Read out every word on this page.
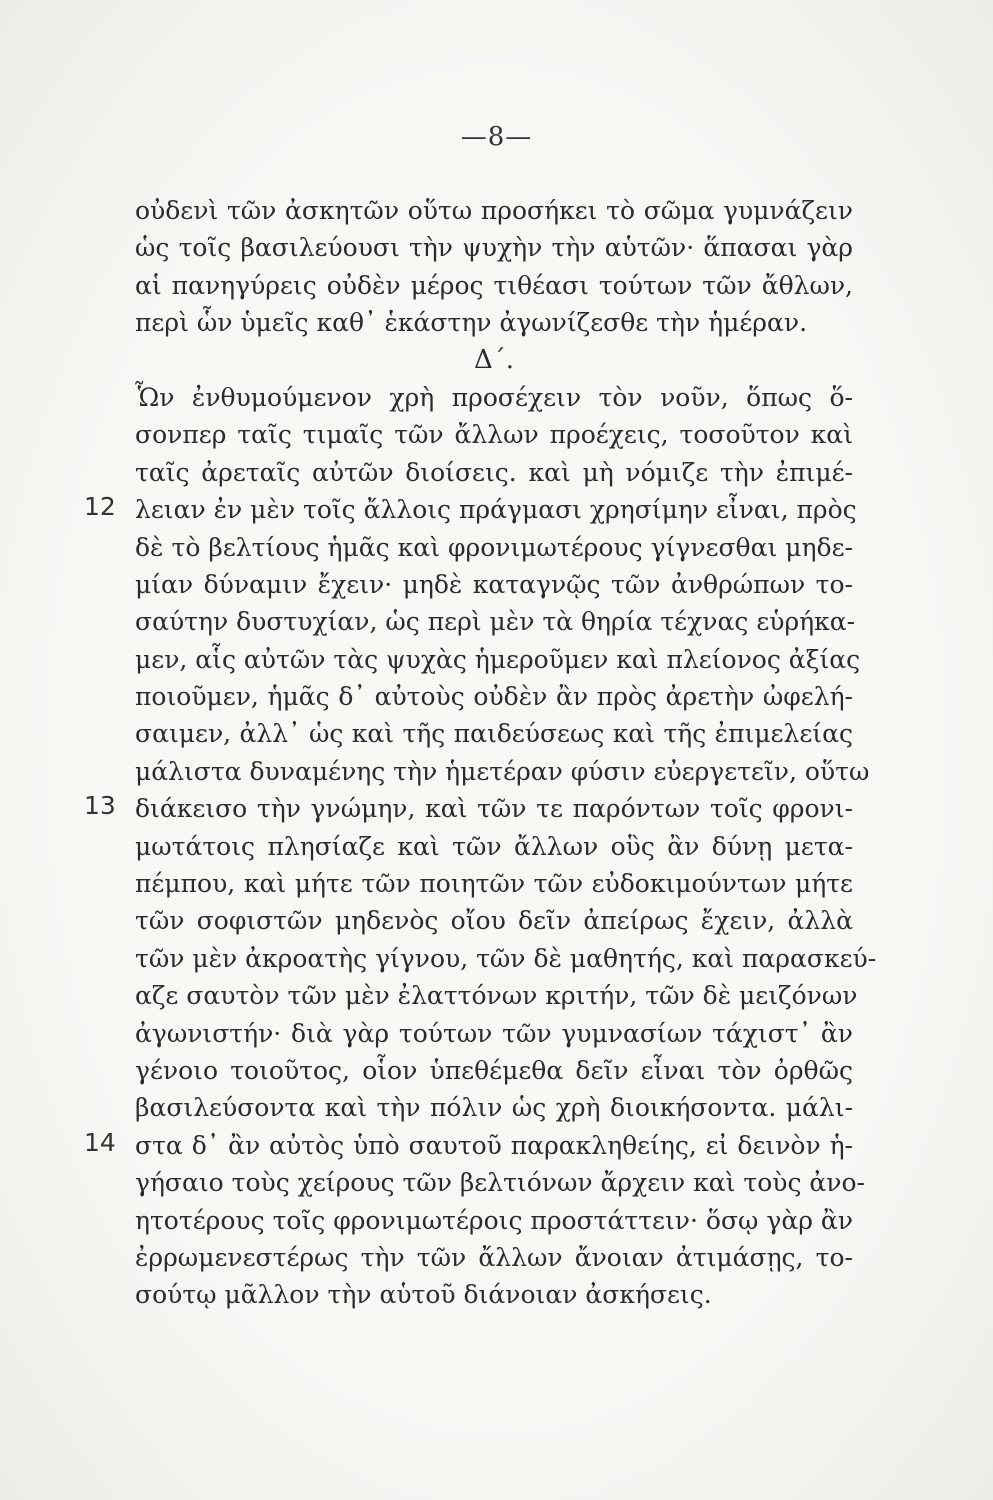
—8—
12
13
14
οὐδενὶ τῶν ἀσκητῶν οὕτω προσήκει τὸ σῶμα γυμνάζειν
ὡς τοῖς βασιλεύουσι τὴν ψυχὴν τὴν αὑτῶν· ἅπασαι γὰρ
αἱ πανηγύρεις οὐδὲν μέρος τιθέασι τούτων τῶν ἄθλων,
περὶ ὧν ὑμεῖς καθ᾿ ἑκάστην ἀγωνίζεσθε τὴν ἡμέραν.
Δ΄.
Ὧν ἐνθυμούμενον χρὴ προσέχειν τὸν νοῦν, ὅπως ὅ-
σονπερ ταῖς τιμαῖς τῶν ἄλλων προέχεις, τοσοῦτον καὶ
ταῖς ἀρεταῖς αὐτῶν διοίσεις. καὶ μὴ νόμιζε τὴν ἐπιμέ-
λειαν ἐν μὲν τοῖς ἄλλοις πράγμασι χρησίμην εἶναι, πρὸς
δὲ τὸ βελτίους ἡμᾶς καὶ φρονιμωτέρους γίγνεσθαι μηδε-
μίαν δύναμιν ἔχειν· μηδὲ καταγνῷς τῶν ἀνθρώπων το-
σαύτην δυστυχίαν, ὡς περὶ μὲν τὰ θηρία τέχνας εὑρήκα-
μεν, αἷς αὐτῶν τὰς ψυχὰς ἡμεροῦμεν καὶ πλείονος ἀξίας
ποιοῦμεν, ἡμᾶς δ᾿ αὐτοὺς οὐδὲν ἂν πρὸς ἀρετὴν ὠφελή-
σαιμεν, ἀλλ᾿ ὡς καὶ τῆς παιδεύσεως καὶ τῆς ἐπιμελείας
μάλιστα δυναμένης τὴν ἡμετέραν φύσιν εὐεργετεῖν, οὕτω
διάκεισο τὴν γνώμην, καὶ τῶν τε παρόντων τοῖς φρονι-
μωτάτοις πλησίαζε καὶ τῶν ἄλλων οὓς ἂν δύνῃ μετα-
πέμπου, καὶ μήτε τῶν ποιητῶν τῶν εὐδοκιμούντων μήτε
τῶν σοφιστῶν μηδενὸς οἴου δεῖν ἀπείρως ἔχειν, ἀλλὰ
τῶν μὲν ἀκροατὴς γίγνου, τῶν δὲ μαθητής, καὶ παρασκεύ-
αζε σαυτὸν τῶν μὲν ἐλαττόνων κριτήν, τῶν δὲ μειζόνων
ἀγωνιστήν· διὰ γὰρ τούτων τῶν γυμνασίων τάχιστ᾿ ἂν
γένοιο τοιοῦτος, οἷον ὑπεθέμεθα δεῖν εἶναι τὸν ὀρθῶς
βασιλεύσοντα καὶ τὴν πόλιν ὡς χρὴ διοικήσοντα. μάλι-
στα δ᾿ ἂν αὐτὸς ὑπὸ σαυτοῦ παρακληθείης, εἰ δεινὸν ἡ-
γήσαιο τοὺς χείρους τῶν βελτιόνων ἄρχειν καὶ τοὺς ἀνο-
ητοτέρους τοῖς φρονιμωτέροις προστάττειν· ὅσῳ γὰρ ἂν
ἐρρωμενεστέρως τὴν τῶν ἄλλων ἄνοιαν ἀτιμάσῃς, το-
σούτῳ μᾶλλον τὴν αὑτοῦ διάνοιαν ἀσκήσεις.
